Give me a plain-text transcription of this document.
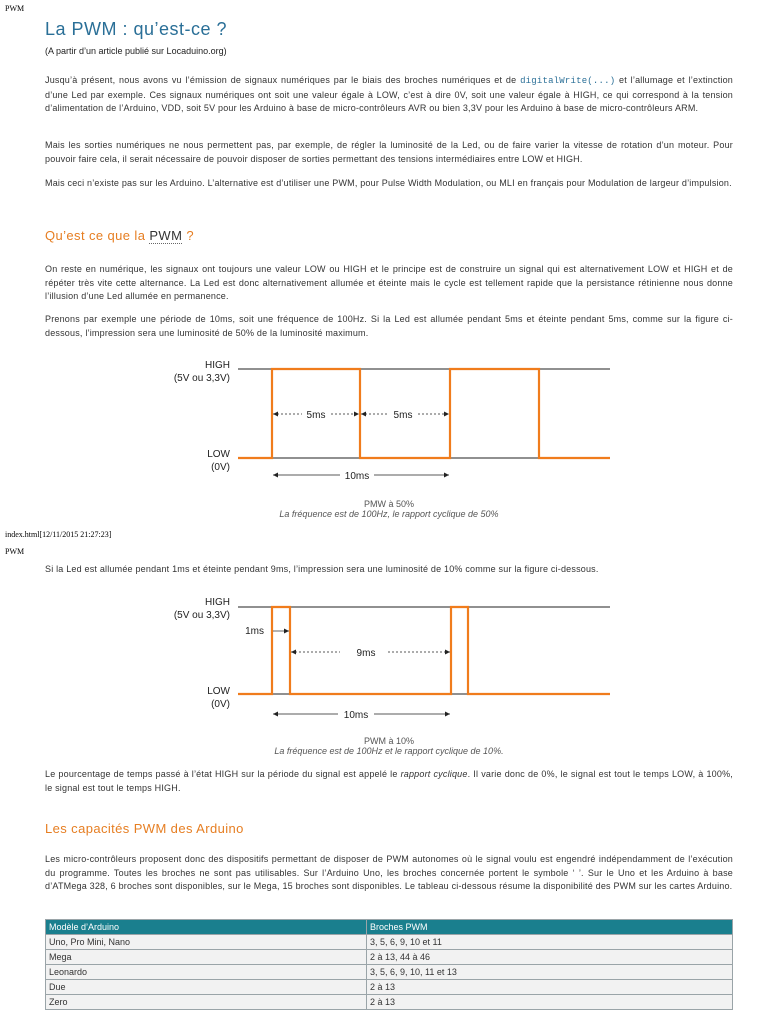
PWM
La PWM : qu’est-ce ?
(A partir d’un article publié sur Locaduino.org)

Jusqu’à présent, nous avons vu l’émission de signaux numériques par le biais des broches numériques et de digitalWrite(...) et l’allumage et l’extinction d’une Led par exemple. Ces signaux numériques ont soit une valeur égale à LOW, c’est à dire 0V, soit une valeur égale à HIGH, ce qui correspond à la tension d’alimentation de l’Arduino, VDD, soit 5V pour les Arduino à base de micro-contrôleurs AVR ou bien 3,3V pour les Arduino à base de micro-contrôleurs ARM.

Mais les sorties numériques ne nous permettent pas, par exemple, de régler la luminosité de la Led, ou de faire varier la vitesse de rotation d’un moteur. Pour pouvoir faire cela, il serait nécessaire de pouvoir disposer de sorties permettant des tensions intermédiaires entre LOW et HIGH.

Mais ceci n’existe pas sur les Arduino. L’alternative est d’utiliser une PWM, pour Pulse Width Modulation, ou MLI en français pour Modulation de largeur d’impulsion.

Qu’est ce que la PWM ?

On reste en numérique, les signaux ont toujours une valeur LOW ou HIGH et le principe est de construire un signal qui est alternativement LOW et HIGH et de répéter très vite cette alternance. La Led est donc alternativement allumée et éteinte mais le cycle est tellement rapide que la persistance rétinienne nous donne l’illusion d’une Led allumée en permanence.

Prenons par exemple une période de 10ms, soit une fréquence de 100Hz. Si la Led est allumée pendant 5ms et éteinte pendant 5ms, comme sur la figure ci-dessous, l’impression sera une luminosité de 50% de la luminosité maximum.

HIGH
(5V ou 3,3V)
LOW
(0V)
5ms	5ms
10ms
PMW à 50%
La fréquence est de 100Hz, le rapport cyclique de 50%
index.html[12/11/2015 21:27:23]
PWM

Si la Led est allumée pendant 1ms et éteinte pendant 9ms, l’impression sera une luminosité de 10% comme sur la figure ci-dessous.

HIGH
(5V ou 3,3V)
LOW
(0V)
1ms
9ms
10ms
PWM à 10%
La fréquence est de 100Hz et le rapport cyclique de 10%.

Le pourcentage de temps passé à l’état HIGH sur la période du signal est appelé le rapport cyclique. Il varie donc de 0%, le signal est tout le temps LOW, à 100%, le signal est tout le temps HIGH.

Les capacités PWM des Arduino

Les micro-contrôleurs proposent donc des dispositifs permettant de disposer de PWM autonomes où le signal voulu est engendré indépendamment de l’exécution du programme. Toutes les broches ne sont pas utilisables. Sur l’Arduino Uno, les broches concernée portent le symbole ‘ ’. Sur le Uno et les Arduino à base d’ATMega 328, 6 broches sont disponibles, sur le Mega, 15 broches sont disponibles. Le tableau ci-dessous résume la disponibilité des PWM sur les cartes Arduino.

Modèle d’Arduino	Broches PWM
Uno, Pro Mini, Nano	3, 5, 6, 9, 10 et 11
Mega	2 à 13, 44 à 46
Leonardo	3, 5, 6, 9, 10, 11 et 13
Due	2 à 13
Zero	2 à 13
